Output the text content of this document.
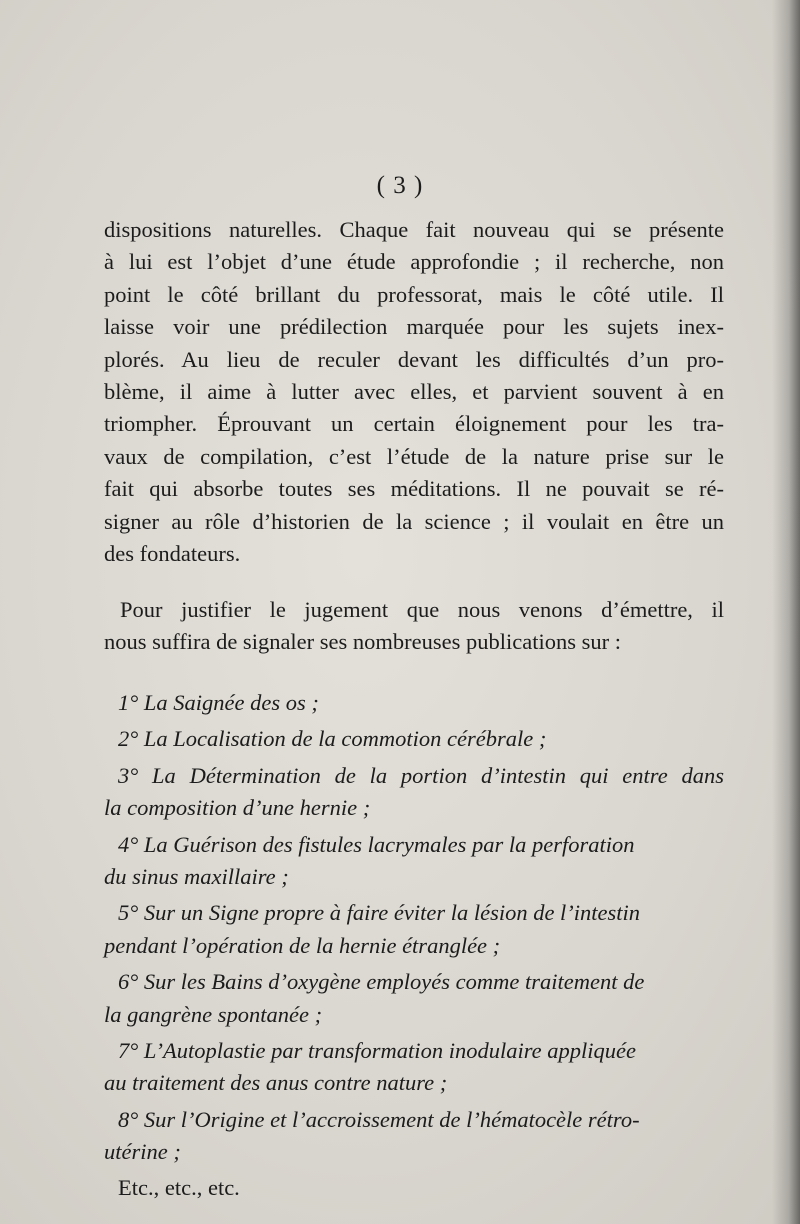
( 3 )
dispositions naturelles. Chaque fait nouveau qui se présente
à lui est l’objet d’une étude approfondie ; il recherche, non
point le côté brillant du professorat, mais le côté utile. Il
laisse voir une prédilection marquée pour les sujets inex-
plorés. Au lieu de reculer devant les difficultés d’un pro-
blème, il aime à lutter avec elles, et parvient souvent à en
triompher. Éprouvant un certain éloignement pour les tra-
vaux de compilation, c’est l’étude de la nature prise sur le
fait qui absorbe toutes ses méditations. Il ne pouvait se ré-
signer au rôle d’historien de la science ; il voulait en être un
des fondateurs.
Pour justifier le jugement que nous venons d’émettre, il
nous suffira de signaler ses nombreuses publications sur :
1° La Saignée des os ;
2° La Localisation de la commotion cérébrale ;
3° La Détermination de la portion d’intestin qui entre dans
la composition d’une hernie ;
4° La Guérison des fistules lacrymales par la perforation
du sinus maxillaire ;
5° Sur un Signe propre à faire éviter la lésion de l’intestin
pendant l’opération de la hernie étranglée ;
6° Sur les Bains d’oxygène employés comme traitement de
la gangrène spontanée ;
7° L’Autoplastie par transformation inodulaire appliquée
au traitement des anus contre nature ;
8° Sur l’Origine et l’accroissement de l’hématocèle rétro-
utérine ;
Etc., etc., etc.
